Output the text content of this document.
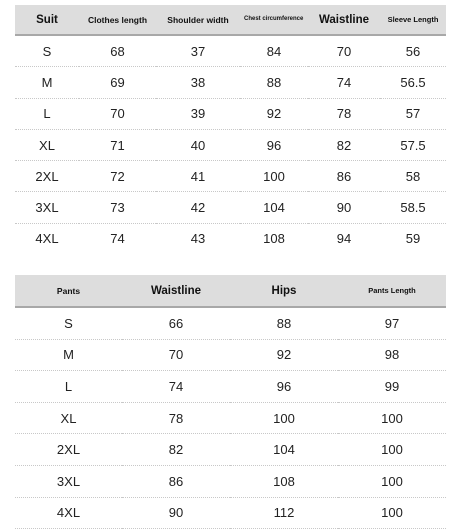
Suit	Clothes length	Shoulder width	Chest circumference	Waistline	Sleeve Length
S	68	37	84	70	56
M	69	38	88	74	56.5
L	70	39	92	78	57
XL	71	40	96	82	57.5
2XL	72	41	100	86	58
3XL	73	42	104	90	58.5
4XL	74	43	108	94	59
Pants	Waistline	Hips	Pants Length
S	66	88	97
M	70	92	98
L	74	96	99
XL	78	100	100
2XL	82	104	100
3XL	86	108	100
4XL	90	112	100
